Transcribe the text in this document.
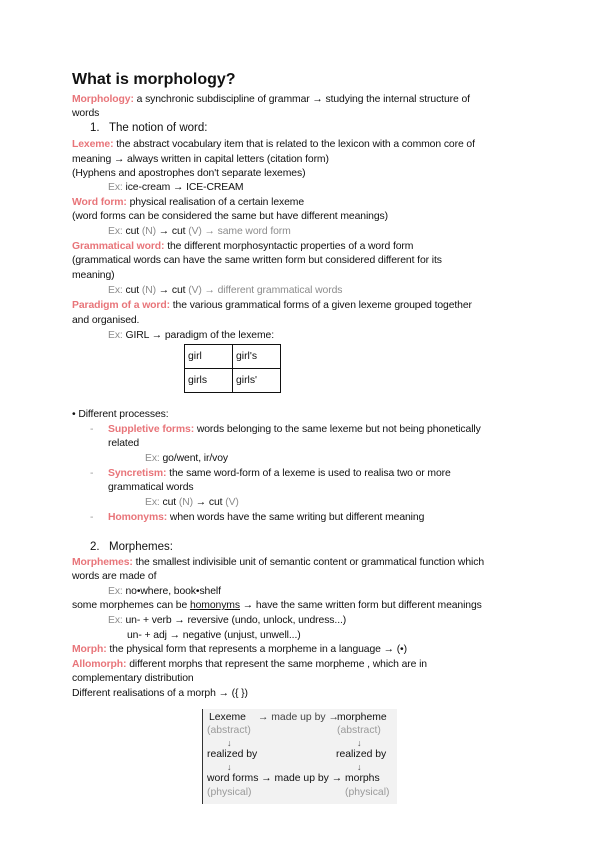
What is morphology?
Morphology: a synchronic subdiscipline of grammar → studying the internal structure of
words
1. The notion of word:
Lexeme: the abstract vocabulary item that is related to the lexicon with a common core of
meaning → always written in capital letters (citation form)
(Hyphens and apostrophes don't separate lexemes)
Ex: ice-cream → ICE-CREAM
Word form: physical realisation of a certain lexeme
(word forms can be considered the same but have different meanings)
Ex: cut (N) → cut (V) → same word form
Grammatical word: the different morphosyntactic properties of a word form
(grammatical words can have the same written form but considered different for its
meaning)
Ex: cut (N) → cut (V) → different grammatical words
Paradigm of a word: the various grammatical forms of a given lexeme grouped together
and organised.
Ex: GIRL → paradigm of the lexeme:
girl	girl's
girls	girls'
• Different processes:
- Suppletive forms: words belonging to the same lexeme but not being phonetically
related
Ex: go/went, ir/voy
- Syncretism: the same word-form of a lexeme is used to realisa two or more
grammatical words
Ex: cut (N) → cut (V)
- Homonyms: when words have the same writing but different meaning
2. Morphemes:
Morphemes: the smallest indivisible unit of semantic content or grammatical function which
words are made of
Ex: no•where, book•shelf
some morphemes can be homonyms → have the same written form but different meanings
Ex: un- + verb → reversive (undo, unlock, undress...)
un- + adj → negative (unjust, unwell...)
Morph: the physical form that represents a morpheme in a language → (•)
Allomorph: different morphs that represent the same morpheme , which are in
complementary distribution
Different realisations of a morph → ({ })
Lexeme → made up by →
morpheme
(abstract)	(abstract)
↓	↓
realized by	realized by
↓	↓
word forms → made up by → morphs
(physical)	(physical)
